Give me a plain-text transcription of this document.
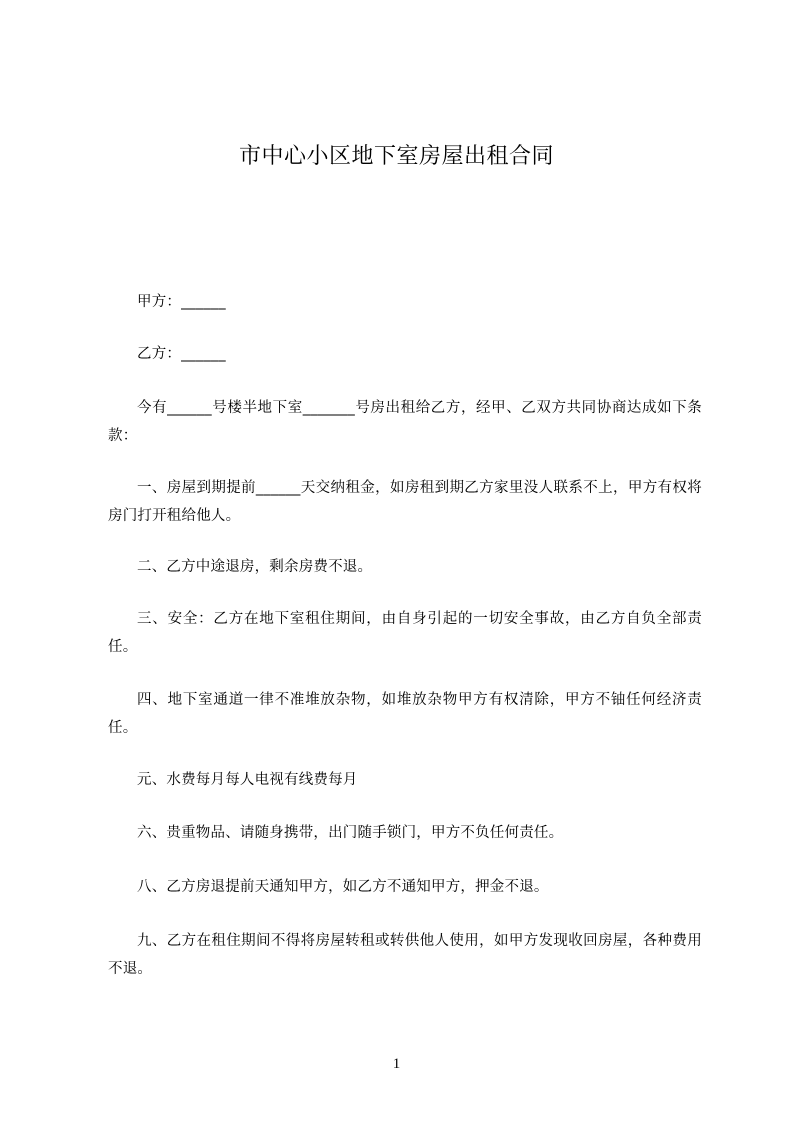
市中心小区地下室房屋出租合同
甲方：______
乙方：______
今有______号楼半地下室_______号房出租给乙方，经甲、乙双方共同协商达成如下条款：
一、房屋到期提前______天交纳租金，如房租到期乙方家里没人联系不上，甲方有权将房门打开租给他人。
二、乙方中途退房，剩余房费不退。
三、安全：乙方在地下室租住期间，由自身引起的一切安全事故，由乙方自负全部责任。
四、地下室通道一律不准堆放杂物，如堆放杂物甲方有权清除，甲方不铀任何经济责任。
元、水费每月每人电视有线费每月
六、贵重物品、请随身携带，出门随手锁门，甲方不负任何责任。
八、乙方房退提前天通知甲方，如乙方不通知甲方，押金不退。
九、乙方在租住期间不得将房屋转租或转供他人使用，如甲方发现收回房屋，各种费用不退。
1
